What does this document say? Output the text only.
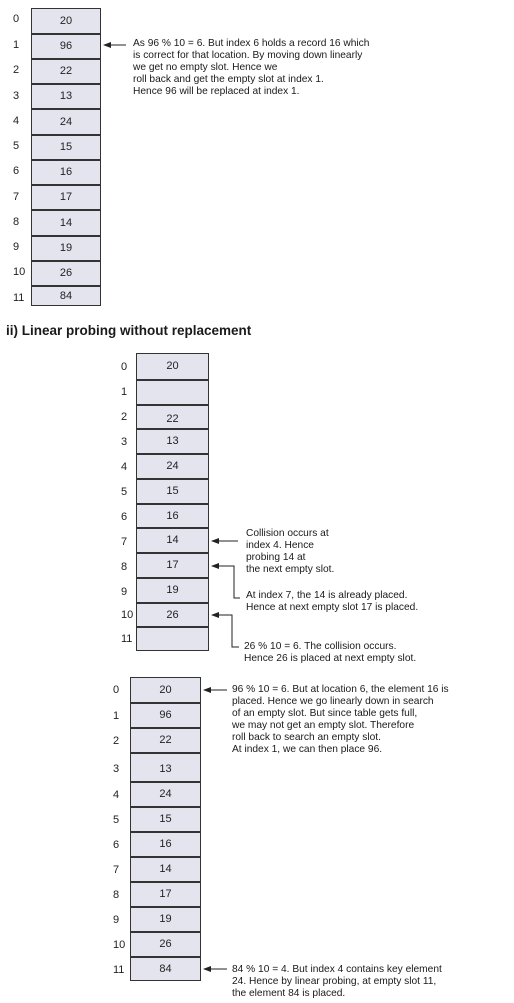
0	20
1	96
2	22
3	13
4	24
5	15
6	16
7	17
8	14
9	19
10	26
11	84
As 96 % 10 = 6. But index 6 holds a record 16 which
is correct for that location. By moving down linearly
we get no empty slot. Hence we
roll back and get the empty slot at index 1.
Hence 96 will be replaced at index 1.
ii) Linear probing without replacement
0	20
1
2	22
3	13
4	24
5	15
6	16
7	14
8	17
9	19
10	26
11
Collision occurs at
index 4. Hence
probing 14 at
the next empty slot.
At index 7, the 14 is already placed.
Hence at next empty slot 17 is placed.
26 % 10 = 6. The collision occurs.
Hence 26 is placed at next empty slot.
0	20
1	96
2	22
3	13
4	24
5	15
6	16
7	14
8	17
9	19
10	26
11	84
96 % 10 = 6. But at location 6, the element 16 is
placed. Hence we go linearly down in search
of an empty slot. But since table gets full,
we may not get an empty slot. Therefore
roll back to search an empty slot.
At index 1, we can then place 96.
84 % 10 = 4. But index 4 contains key element
24. Hence by linear probing, at empty slot 11,
the element 84 is placed.
